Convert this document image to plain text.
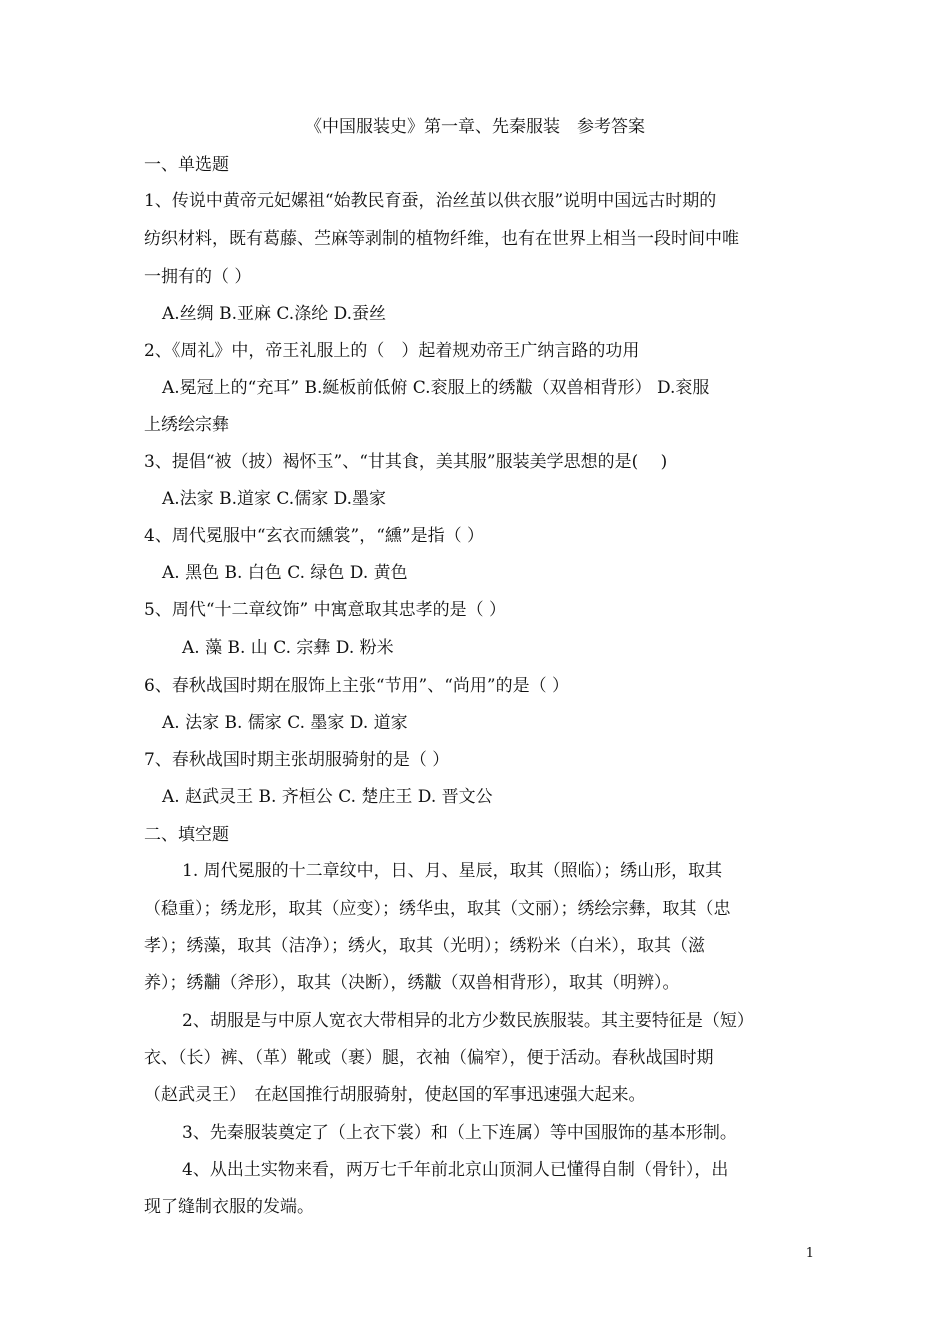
《中国服装史》第一章、先秦服装　参考答案
一、单选题
1、传说中黄帝元妃嫘祖“始教民育蚕，治丝茧以供衣服”说明中国远古时期的
纺织材料，既有葛藤、苎麻等剥制的植物纤维，也有在世界上相当一段时间中唯
一拥有的（ ）
A.丝绸 B.亚麻 C.涤纶 D.蚕丝
2、《周礼》中，帝王礼服上的（　）起着规劝帝王广纳言路的功用
A.冕冠上的“充耳” B.綖板前低俯 C.衮服上的绣黻（双兽相背形） D.衮服
上绣绘宗彝
3、提倡“被（披）褐怀玉”、“甘其食，美其服”服装美学思想的是(　 )
A.法家 B.道家 C.儒家 D.墨家
4、周代冕服中“玄衣而纁裳”，“纁”是指（ ）
A. 黑色 B. 白色 C. 绿色 D. 黄色
5、周代“十二章纹饰” 中寓意取其忠孝的是（ ）
A. 藻 B. 山 C. 宗彝 D. 粉米
6、春秋战国时期在服饰上主张“节用”、“尚用”的是（ ）
A. 法家 B. 儒家 C. 墨家 D. 道家
7、春秋战国时期主张胡服骑射的是（ ）
A. 赵武灵王 B. 齐桓公 C. 楚庄王 D. 晋文公
二、填空题
1. 周代冕服的十二章纹中，日、月、星辰，取其（照临）；绣山形，取其
（稳重）；绣龙形，取其（应变）；绣华虫，取其（文丽）；绣绘宗彝，取其（忠
孝）；绣藻，取其（洁净）；绣火，取其（光明）；绣粉米（白米），取其（滋
养）；绣黼（斧形），取其（决断），绣黻（双兽相背形），取其（明辨）。
2、胡服是与中原人宽衣大带相异的北方少数民族服装。其主要特征是（短）
衣、（长）裤、（革）靴或（裹）腿，衣袖（偏窄），便于活动。春秋战国时期
（赵武灵王）　在赵国推行胡服骑射，使赵国的军事迅速强大起来。
3、先秦服装奠定了（上衣下裳）和（上下连属）等中国服饰的基本形制。
4、从出土实物来看，两万七千年前北京山顶洞人已懂得自制（骨针），出
现了缝制衣服的发端。
1
